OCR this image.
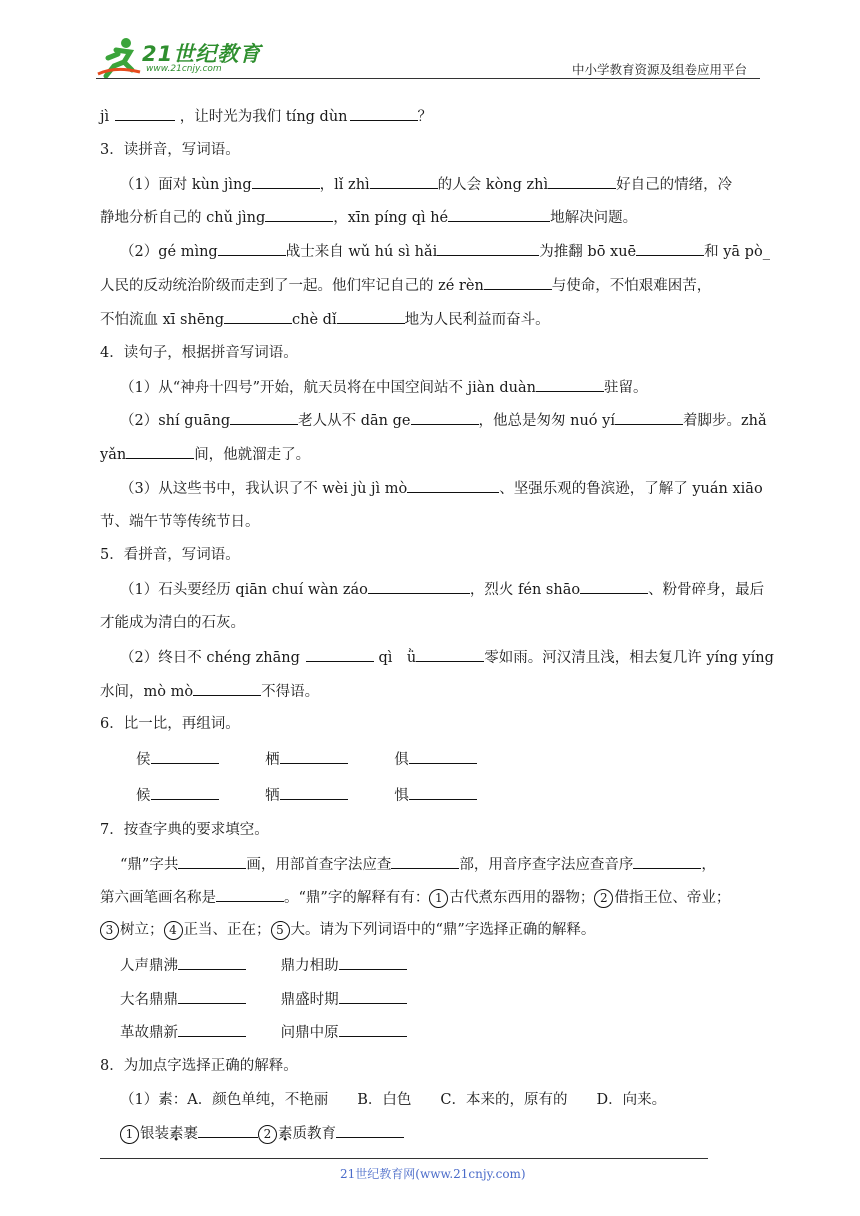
21世纪教育
www.21cnjy.com	中小学教育资源及组卷应用平台
jì	，让时光为我们 tíng dùn	？
3．读拼音，写词语。
（1）面对 kùn jìng	，lǐ zhì	的人会 kòng zhì	好自己的情绪，冷
静地分析自己的 chǔ jìng	，xīn píng qì hé	地解决问题。
（2）gé mìng	战士来自 wǔ hú sì hǎi	为推翻 bō xuē	和 yā pò_
人民的反动统治阶级而走到了一起。他们牢记自己的 zé rèn	与使命，不怕艰难困苦，
不怕流血 xī shēng	chè dǐ	地为人民利益而奋斗。
4．读句子，根据拼音写词语。
（1）从“神舟十四号”开始，航天员将在中国空间站不 jiàn duàn	驻留。
（2）shí guāng	老人从不 dān ge	，他总是匆匆 nuó yí	着脚步。zhǎ
yǎn	间，他就溜走了。
（3）从这些书中，我认识了不 wèi jù jì mò	、坚强乐观的鲁滨逊，了解了 yuán xiāo
节、端午节等传统节日。
5．看拼音，写词语。
（1）石头要经历 qiān chuí wàn záo	，烈火 fén shāo	、粉骨碎身，最后
才能成为清白的石灰。
（2）终日不 chéng zhāng	qì　ǜ	零如雨。河汉清且浅，相去复几许 yíng yíng
水间，mò mò	不得语。
6．比一比，再组词。
侯	栖	俱
候	牺	惧
7．按查字典的要求填空。
“鼎”字共	画，用部首查字法应查	部，用音序查字法应查音序	，
第六画笔画名称是	。“鼎”字的解释有有： 1 古代煮东西用的器物； 2 借指王位、帝业；
3 树立； 4 正当、正在； 5 大。请为下列词语中的“鼎”字选择正确的解释。
人声鼎沸	鼎力相助
大名鼎鼎	鼎盛时期
革故鼎新	问鼎中原
8．为加点字选择正确的解释。
（1）素：A．颜色单纯，不艳丽　　B．白色　　C．本来的，原有的　　D．向来。
1 银装素裹	2 素质教育
21世纪教育网(www.21cnjy.com)
